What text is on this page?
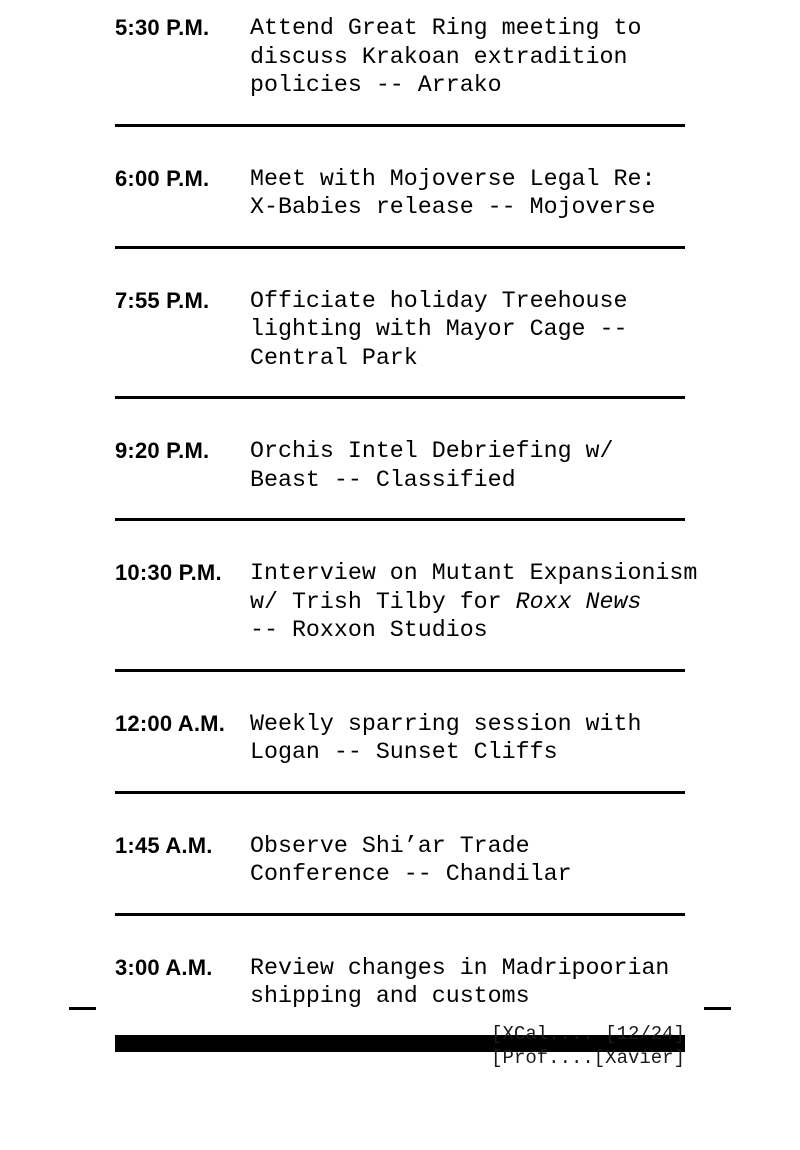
5:30 P.M. Attend Great Ring meeting to
discuss Krakoan extradition
policies -- Arrako
6:00 P.M. Meet with Mojoverse Legal Re:
X-Babies release -- Mojoverse
7:55 P.M. Officiate holiday Treehouse
lighting with Mayor Cage --
Central Park
9:20 P.M. Orchis Intel Debriefing w/
Beast -- Classified
10:30 P.M. Interview on Mutant Expansionism
w/ Trish Tilby for Roxx News
-- Roxxon Studios
12:00 A.M. Weekly sparring session with
Logan -- Sunset Cliffs
1:45 A.M. Observe Shi’ar Trade
Conference -- Chandilar
3:00 A.M. Review changes in Madripoorian
shipping and customs
[XCal.... [12/24]
[Prof....[Xavier]
